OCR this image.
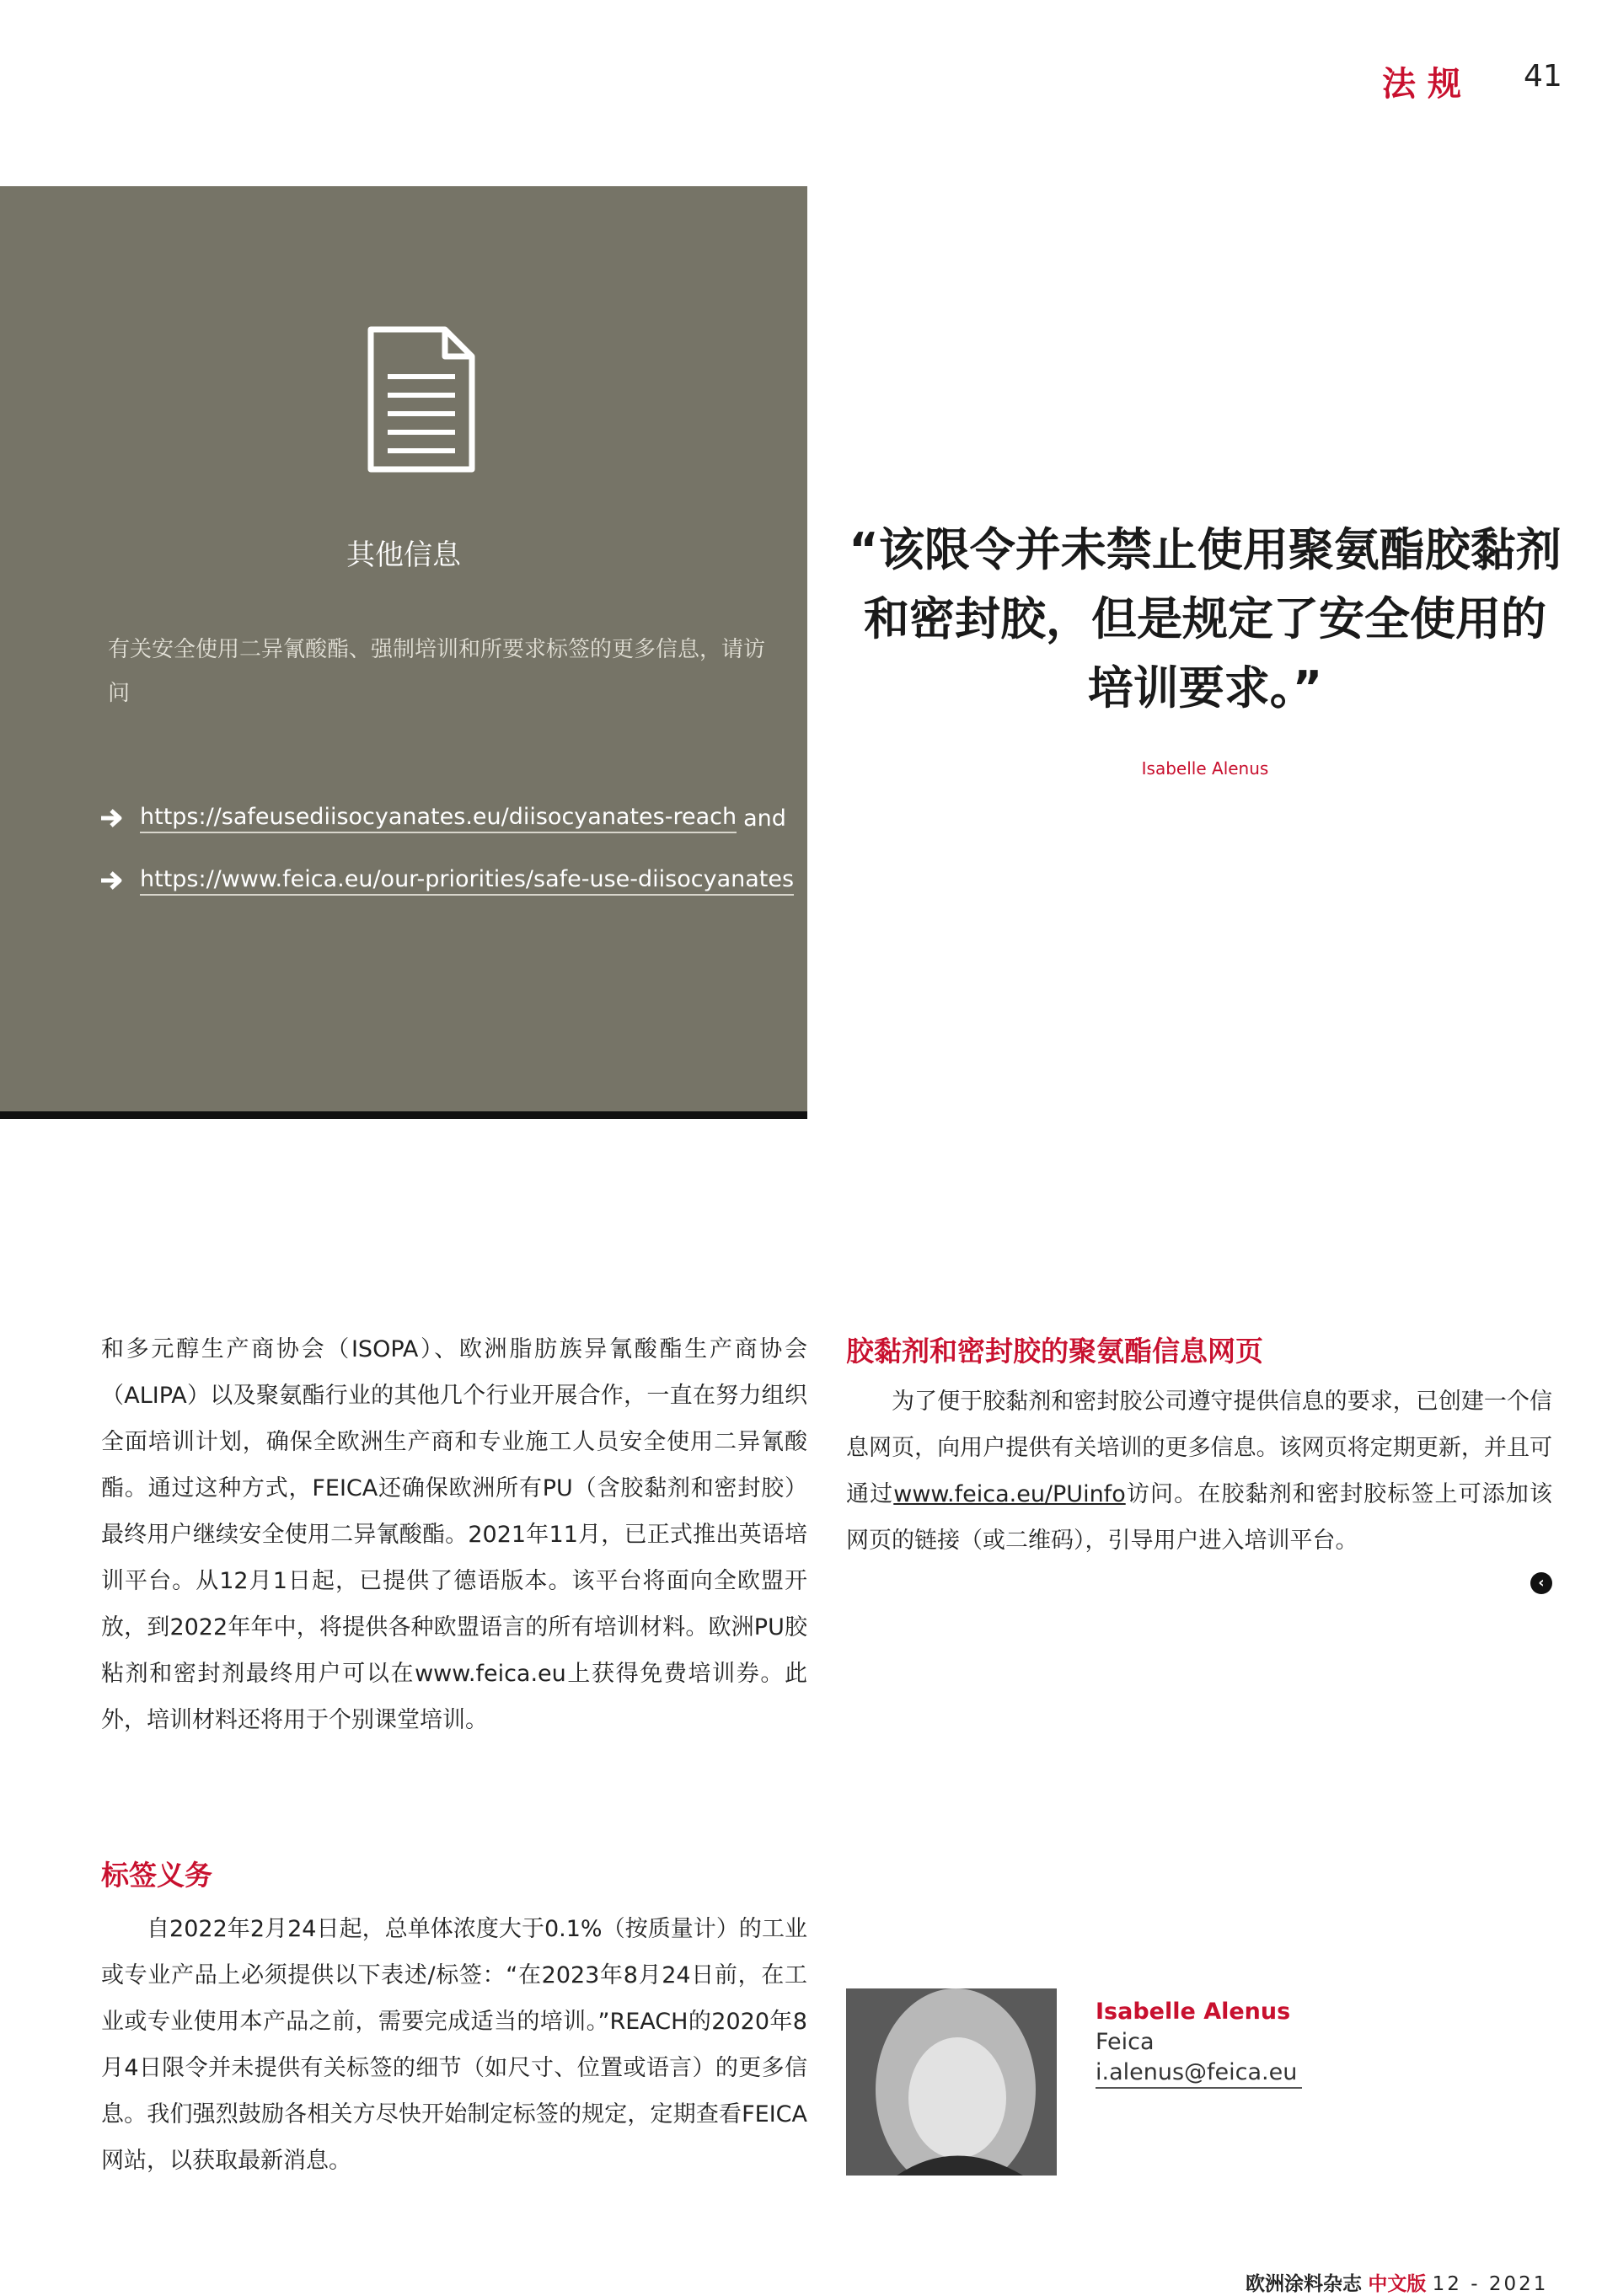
法规 41
其他信息
有关安全使用二异氰酸酯、强制培训和所要求标签的更多信息，请访问
https://safeusediisocyanates.eu/diisocyanates-reach and
https://www.feica.eu/our-priorities/safe-use-diisocyanates
“该限令并未禁止使用聚氨酯胶黏剂和密封胶，但是规定了安全使用的培训要求。”
Isabelle Alenus
胶黏剂和密封胶的聚氨酯信息网页
为了便于胶黏剂和密封胶公司遵守提供信息的要求，已创建一个信息网页，向用户提供有关培训的更多信息。该网页将定期更新，并且可通过www.feica.eu/PUinfo访问。在胶黏剂和密封胶标签上可添加该网页的链接（或二维码），引导用户进入培训平台。
‹
和多元醇生产商协会（ISOPA）、欧洲脂肪族异氰酸酯生产商协会（ALIPA）以及聚氨酯行业的其他几个行业开展合作，一直在努力组织全面培训计划，确保全欧洲生产商和专业施工人员安全使用二异氰酸酯。通过这种方式，FEICA还确保欧洲所有PU（含胶黏剂和密封胶）最终用户继续安全使用二异氰酸酯。2021年11月，已正式推出英语培训平台。从12月1日起，已提供了德语版本。该平台将面向全欧盟开放，到2022年年中，将提供各种欧盟语言的所有培训材料。欧洲PU胶粘剂和密封剂最终用户可以在www.feica.eu上获得免费培训券。此外，培训材料还将用于个别课堂培训。
标签义务
自2022年2月24日起，总单体浓度大于0.1%（按质量计）的工业或专业产品上必须提供以下表述/标签：“在2023年8月24日前，在工业或专业使用本产品之前，需要完成适当的培训。”REACH的2020年8月4日限令并未提供有关标签的细节（如尺寸、位置或语言）的更多信息。我们强烈鼓励各相关方尽快开始制定标签的规定，定期查看FEICA网站，以获取最新消息。
Isabelle Alenus
Feica
i.alenus@feica.eu
欧洲涂料杂志 中文版 12 - 2021
